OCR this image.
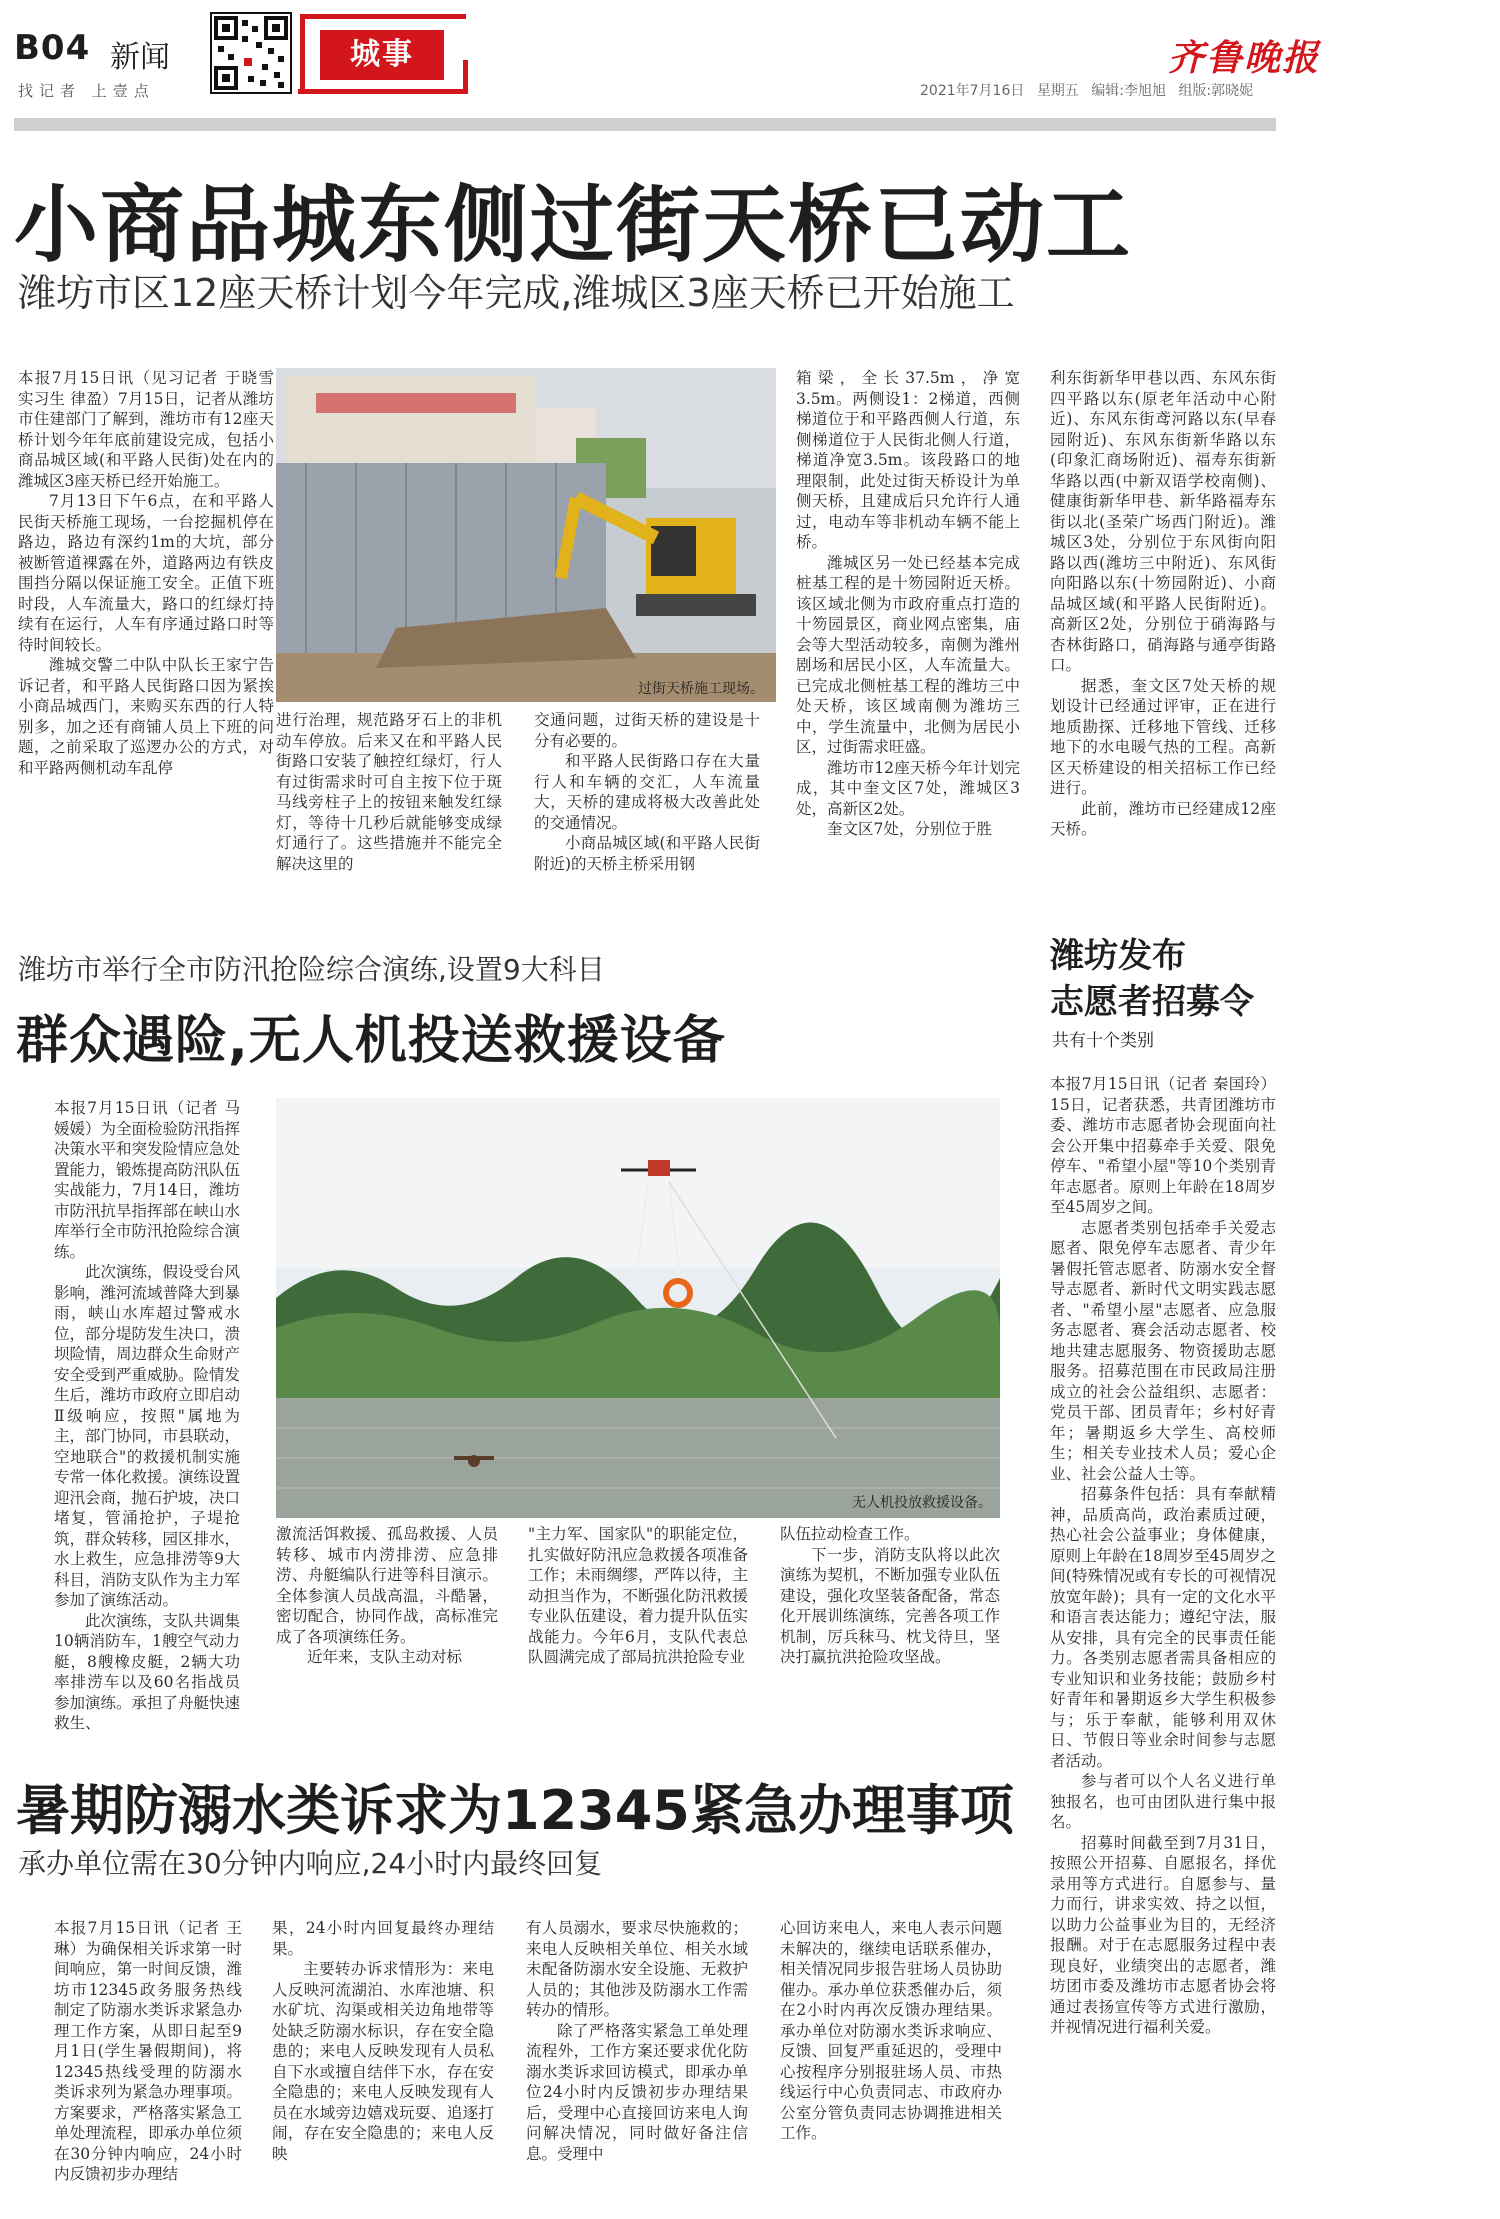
B04 新闻
找记者 上壹点
城事	齐鲁晚报
2021年7月16日 星期五 编辑:李旭旭 组版:郭晓妮
小商品城东侧过街天桥已动工
潍坊市区12座天桥计划今年完成,潍城区3座天桥已开始施工

本报7月15日讯（见习记者 于晓雪 实习生 律盈）7月15日，记者从潍坊市住建部门了解到，潍坊市有12座天桥计划今年年底前建设完成，包括小商品城区域(和平路人民街)处在内的潍城区3座天桥已经开始施工。

7月13日下午6点，在和平路人民街天桥施工现场，一台挖掘机停在路边，路边有深约1m的大坑，部分被断管道裸露在外，道路两边有铁皮围挡分隔以保证施工安全。正值下班时段，人车流量大，路口的红绿灯持续有在运行，人车有序通过路口时等待时间较长。

潍城交警二中队中队长王家宁告诉记者，和平路人民街路口因为紧挨小商品城西门，来购买东西的行人特别多，加之还有商铺人员上下班的问题，之前采取了巡逻办公的方式，对和平路两侧机动车乱停

过街天桥施工现场。

进行治理，规范路牙石上的非机动车停放。后来又在和平路人民街路口安装了触控红绿灯，行人有过街需求时可自主按下位于斑马线旁柱子上的按钮来触发红绿灯，等待十几秒后就能够变成绿灯通行了。这些措施并不能完全解决这里的

交通问题，过街天桥的建设是十分有必要的。

和平路人民街路口存在大量行人和车辆的交汇，人车流量大，天桥的建成将极大改善此处的交通情况。

小商品城区域(和平路人民街附近)的天桥主桥采用钢

箱梁，全长37.5m，净宽3.5m。两侧设1：2梯道，西侧梯道位于和平路西侧人行道，东侧梯道位于人民街北侧人行道，梯道净宽3.5m。该段路口的地理限制，此处过街天桥设计为单侧天桥，且建成后只允许行人通过，电动车等非机动车辆不能上桥。

潍城区另一处已经基本完成桩基工程的是十笏园附近天桥。该区域北侧为市政府重点打造的十笏园景区，商业网点密集，庙会等大型活动较多，南侧为潍州剧场和居民小区，人车流量大。已完成北侧桩基工程的潍坊三中处天桥，该区域南侧为潍坊三中，学生流量中，北侧为居民小区，过街需求旺盛。

潍坊市12座天桥今年计划完成，其中奎文区7处，潍城区3处，高新区2处。

奎文区7处，分别位于胜

利东街新华甲巷以西、东风东街四平路以东(原老年活动中心附近)、东风东街鸢河路以东(早春园附近)、东风东街新华路以东(印象汇商场附近)、福寿东街新华路以西(中新双语学校南侧)、健康街新华甲巷、新华路福寿东街以北(圣荣广场西门附近)。潍城区3处，分别位于东风街向阳路以西(潍坊三中附近)、东风街向阳路以东(十笏园附近)、小商品城区域(和平路人民街附近)。高新区2处，分别位于硝海路与杏林街路口，硝海路与通亭街路口。

据悉，奎文区7处天桥的规划设计已经通过评审，正在进行地质勘探、迁移地下管线、迁移地下的水电暖气热的工程。高新区天桥建设的相关招标工作已经进行。

此前，潍坊市已经建成12座天桥。

潍坊市举行全市防汛抢险综合演练,设置9大科目
群众遇险,无人机投送救援设备

本报7月15日讯（记者 马媛媛）为全面检验防汛指挥决策水平和突发险情应急处置能力，锻炼提高防汛队伍实战能力，7月14日，潍坊市防汛抗旱指挥部在峡山水库举行全市防汛抢险综合演练。

此次演练，假设受台风影响，潍河流域普降大到暴雨，峡山水库超过警戒水位，部分堤防发生决口，溃坝险情，周边群众生命财产安全受到严重威胁。险情发生后，潍坊市政府立即启动Ⅱ级响应，按照"属地为主，部门协同，市县联动，空地联合"的救援机制实施专常一体化救援。演练设置迎汛会商，抛石护坡，决口堵复，管涌抢护，子堤抢筑，群众转移，园区排水，水上救生，应急排涝等9大科目，消防支队作为主力军参加了演练活动。

此次演练，支队共调集10辆消防车，1艘空气动力艇，8艘橡皮艇，2辆大功率排涝车以及60名指战员参加演练。承担了舟艇快速救生、

无人机投放救援设备。

激流活饵救援、孤岛救援、人员转移、城市内涝排涝、应急排涝、舟艇编队行进等科目演示。全体参演人员战高温，斗酷暑，密切配合，协同作战，高标准完成了各项演练任务。

近年来，支队主动对标

"主力军、国家队"的职能定位，扎实做好防汛应急救援各项准备工作；未雨绸缪，严阵以待，主动担当作为，不断强化防汛救援专业队伍建设，着力提升队伍实战能力。今年6月，支队代表总队圆满完成了部局抗洪抢险专业

队伍拉动检查工作。

下一步，消防支队将以此次演练为契机，不断加强专业队伍建设，强化攻坚装备配备，常态化开展训练演练，完善各项工作机制，厉兵秣马、枕戈待旦，坚决打赢抗洪抢险攻坚战。

暑期防溺水类诉求为12345紧急办理事项
承办单位需在30分钟内响应,24小时内最终回复

本报7月15日讯（记者 王琳）为确保相关诉求第一时间响应，第一时间反馈，潍坊市12345政务服务热线制定了防溺水类诉求紧急办理工作方案，从即日起至9月1日(学生暑假期间)，将12345热线受理的防溺水类诉求列为紧急办理事项。方案要求，严格落实紧急工单处理流程，即承办单位须在30分钟内响应，24小时内反馈初步办理结

果，24小时内回复最终办理结果。

主要转办诉求情形为：来电人反映河流湖泊、水库池塘、积水矿坑、沟渠或相关边角地带等处缺乏防溺水标识，存在安全隐患的；来电人反映发现有人员私自下水或擅自结伴下水，存在安全隐患的；来电人反映发现有人员在水域旁边嬉戏玩耍、追逐打闹，存在安全隐患的；来电人反映

有人员溺水，要求尽快施救的；来电人反映相关单位、相关水域未配备防溺水安全设施、无救护人员的；其他涉及防溺水工作需转办的情形。

除了严格落实紧急工单处理流程外，工作方案还要求优化防溺水类诉求回访模式，即承办单位24小时内反馈初步办理结果后，受理中心直接回访来电人询问解决情况，同时做好备注信息。受理中

心回访来电人，来电人表示问题未解决的，继续电话联系催办，相关情况同步报告驻场人员协助催办。承办单位获悉催办后，须在2小时内再次反馈办理结果。承办单位对防溺水类诉求响应、反馈、回复严重延迟的，受理中心按程序分别报驻场人员、市热线运行中心负责同志、市政府办公室分管负责同志协调推进相关工作。

潍坊发布
志愿者招募令
共有十个类别

本报7月15日讯（记者 秦国玲）15日，记者获悉，共青团潍坊市委、潍坊市志愿者协会现面向社会公开集中招募牵手关爱、限免停车、"希望小屋"等10个类别青年志愿者。原则上年龄在18周岁至45周岁之间。

志愿者类别包括牵手关爱志愿者、限免停车志愿者、青少年暑假托管志愿者、防溺水安全督导志愿者、新时代文明实践志愿者、"希望小屋"志愿者、应急服务志愿者、赛会活动志愿者、校地共建志愿服务、物资援助志愿服务。招募范围在市民政局注册成立的社会公益组织、志愿者：党员干部、团员青年；乡村好青年；暑期返乡大学生、高校师生；相关专业技术人员；爱心企业、社会公益人士等。

招募条件包括：具有奉献精神，品质高尚，政治素质过硬，热心社会公益事业；身体健康，原则上年龄在18周岁至45周岁之间(特殊情况或有专长的可视情况放宽年龄)；具有一定的文化水平和语言表达能力；遵纪守法，服从安排，具有完全的民事责任能力。各类别志愿者需具备相应的专业知识和业务技能；鼓励乡村好青年和暑期返乡大学生积极参与；乐于奉献，能够利用双休日、节假日等业余时间参与志愿者活动。

参与者可以个人名义进行单独报名，也可由团队进行集中报名。

招募时间截至到7月31日，按照公开招募、自愿报名，择优录用等方式进行。自愿参与、量力而行，讲求实效、持之以恒，以助力公益事业为目的，无经济报酬。对于在志愿服务过程中表现良好，业绩突出的志愿者，潍坊团市委及潍坊市志愿者协会将通过表扬宣传等方式进行激励，并视情况进行福利关爱。
